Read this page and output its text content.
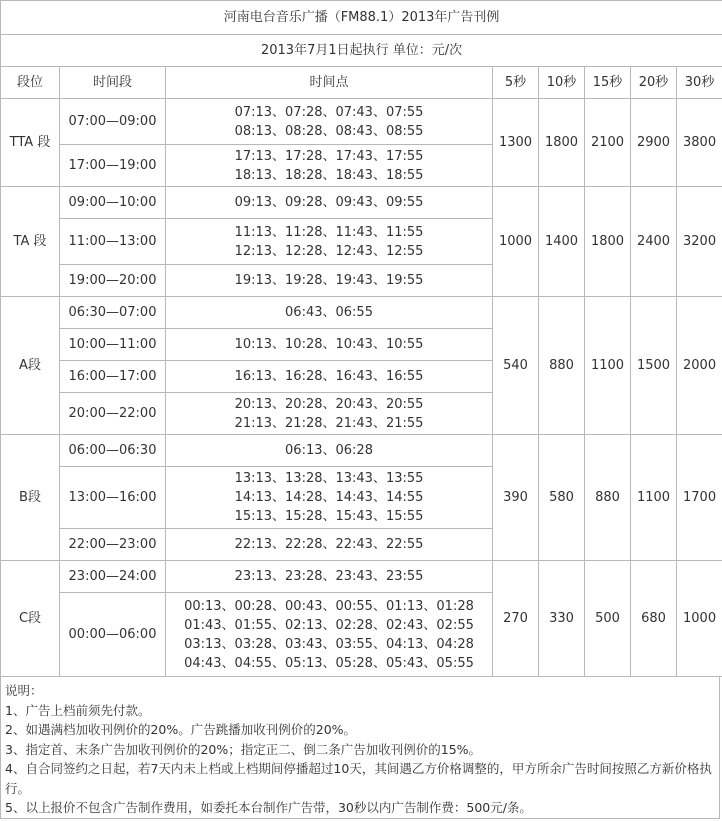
河南电台音乐广播（FM88.1）2013年广告刊例							
2013年7月1日起执行 单位：元/次							
段位	时间段	时间点	5秒	10秒	15秒	20秒	30秒
TTA 段	07:00—09:00	07:13、07:28、07:43、07:55
08:13、08:28、08:43、08:55	1300	1800	2100	2900	3800
	17:00—19:00	17:13、17:28、17:43、17:55
18:13、18:28、18:43、18:55					
TA 段	09:00—10:00	09:13、09:28、09:43、09:55	1000	1400	1800	2400	3200
	11:00—13:00	11:13、11:28、11:43、11:55
12:13、12:28、12:43、12:55					
	19:00—20:00	19:13、19:28、19:43、19:55					
A段	06:30—07:00	06:43、06:55	540	880	1100	1500	2000
	10:00—11:00	10:13、10:28、10:43、10:55					
	16:00—17:00	16:13、16:28、16:43、16:55					
	20:00—22:00	20:13、20:28、20:43、20:55
21:13、21:28、21:43、21:55					
B段	06:00—06:30	06:13、06:28	390	580	880	1100	1700
	13:00—16:00	13:13、13:28、13:43、13:55
14:13、14:28、14:43、14:55
15:13、15:28、15:43、15:55					
	22:00—23:00	22:13、22:28、22:43、22:55					
C段	23:00—24:00	23:13、23:28、23:43、23:55	270	330	500	680	1000
	00:00—06:00	00:13、00:28、00:43、00:55、01:13、01:28
01:43、01:55、02:13、02:28、02:43、02:55
03:13、03:28、03:43、03:55、04:13、04:28
04:43、04:55、05:13、05:28、05:43、05:55					
说明：
1、广告上档前须先付款。
2、如遇满档加收刊例价的20%。广告跳播加收刊例价的20%。
3、指定首、末条广告加收刊例价的20%；指定正二、倒二条广告加收刊例价的15%。
4、自合同签约之日起，若7天内未上档或上档期间停播超过10天，其间遇乙方价格调整的，甲方所余广告时间按照乙方新价格执行。
5、以上报价不包含广告制作费用，如委托本台制作广告带，30秒以内广告制作费：500元/条。
